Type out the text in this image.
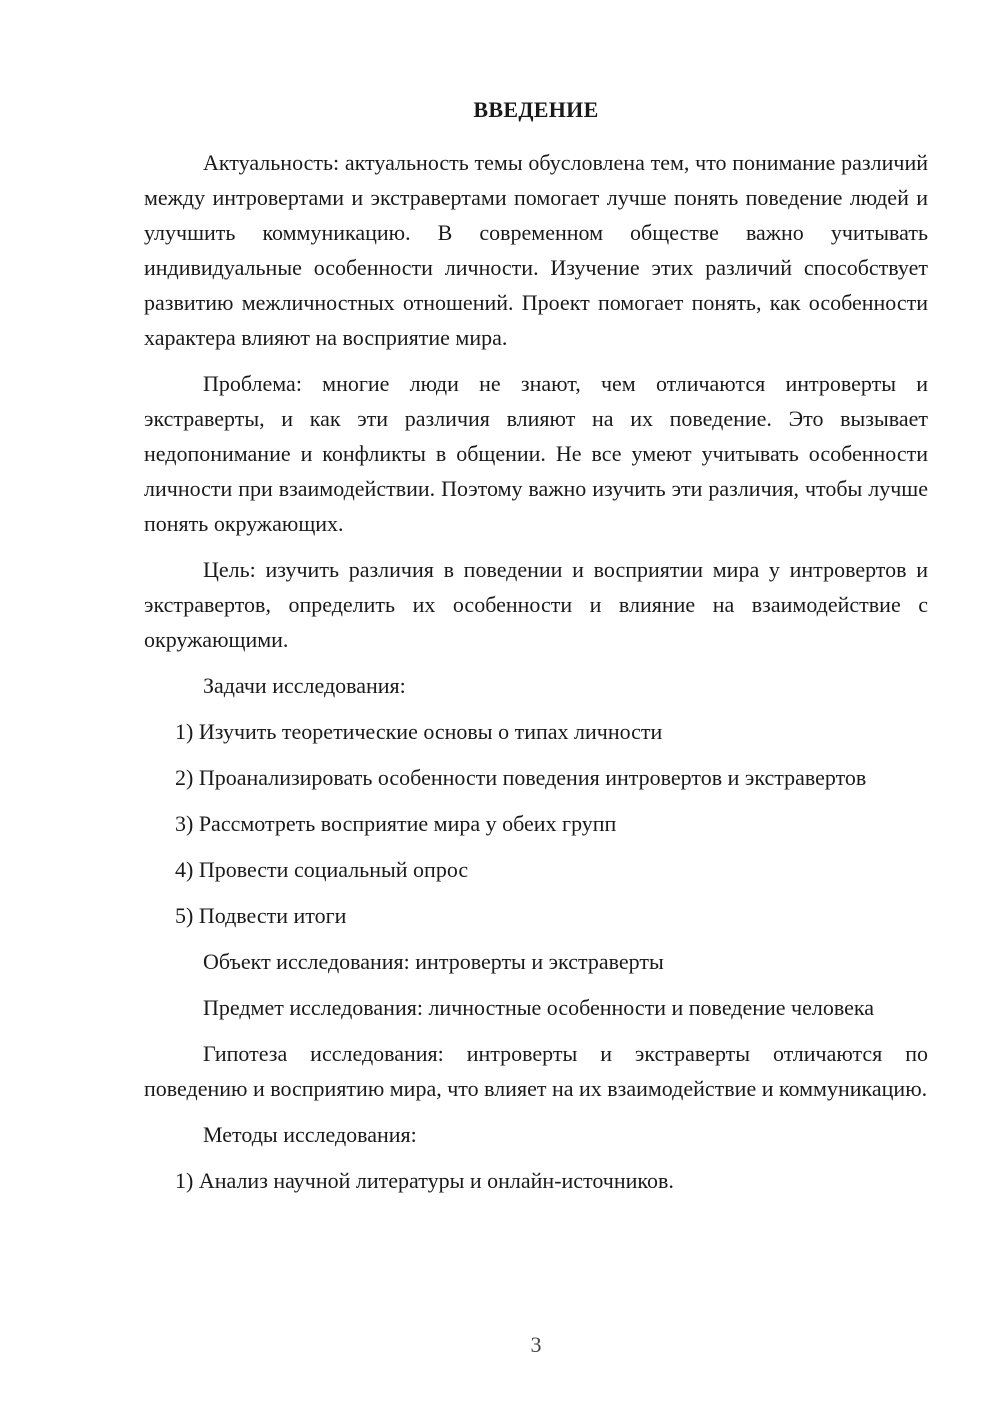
ВВЕДЕНИЕ

Актуальность: актуальность темы обусловлена тем, что понимание различий между интровертами и экстравертами помогает лучше понять поведение людей и улучшить коммуникацию. В современном обществе важно учитывать индивидуальные особенности личности. Изучение этих различий способствует развитию межличностных отношений. Проект помогает понять, как особенности характера влияют на восприятие мира.

Проблема: многие люди не знают, чем отличаются интроверты и экстраверты, и как эти различия влияют на их поведение. Это вызывает недопонимание и конфликты в общении. Не все умеют учитывать особенности личности при взаимодействии. Поэтому важно изучить эти различия, чтобы лучше понять окружающих.

Цель: изучить различия в поведении и восприятии мира у интровертов и экстравертов, определить их особенности и влияние на взаимодействие с окружающими.

Задачи исследования:

1) Изучить теоретические основы о типах личности

2) Проанализировать особенности поведения интровертов и экстравертов

3) Рассмотреть восприятие мира у обеих групп

4) Провести социальный опрос

5) Подвести итоги

Объект исследования: интроверты и экстраверты

Предмет исследования: личностные особенности и поведение человека

Гипотеза исследования: интроверты и экстраверты отличаются по поведению и восприятию мира, что влияет на их взаимодействие и коммуникацию.

Методы исследования:

1) Анализ научной литературы и онлайн-источников.

3
